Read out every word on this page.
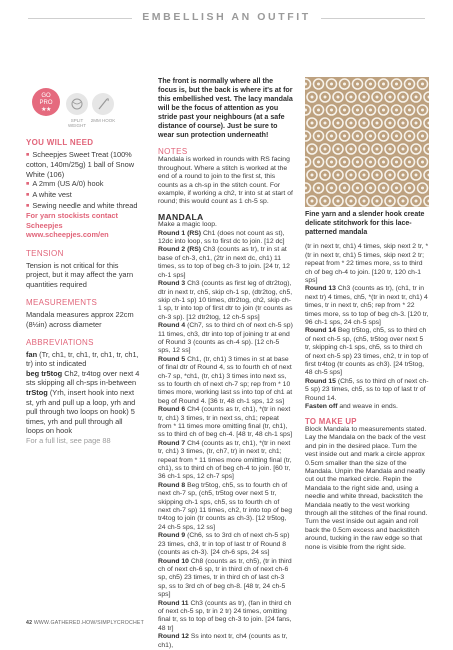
EMBELLISH AN OUTFIT
GO
PRO
★★
SPLIT WEIGHT
2MM HOOK
YOU WILL NEED
■ Scheepjes Sweet Treat (100% cotton, 140m/25g) 1 ball of Snow White (106)
■ A 2mm (US A/0) hook
■ A white vest
■ Sewing needle and white thread
For yarn stockists contact Scheepjes www.scheepjes.com/en
TENSION
Tension is not critical for this project, but it may affect the yarn quantities required
MEASUREMENTS
Mandala measures approx 22cm (8½in) across diameter
ABBREVIATIONS
fan (Tr, ch1, tr, ch1, tr, ch1, tr, ch1, tr) into st indicated
beg tr5tog Ch2, tr4tog over next 4 sts skipping all ch-sps in-between
trStog (Yrh, insert hook into next st, yrh and pull up a loop, yrh and pull through two loops on hook) 5 times, yrh and pull through all loops on hook
For a full list, see page 88

The front is normally where all the focus is, but the back is where it's at for this embellished vest. The lacy mandala will be the focus of attention as you stride past your neighbours (at a safe distance of course). Just be sure to wear sun protection underneath!

NOTES

Mandala is worked in rounds with RS facing throughout. Where a stitch is worked at the end of a round to join to the first st, this counts as a ch-sp in the stitch count. For example, if working a ch2, tr into st at start of round; this would count as 1 ch-5 sp.

MANDALA

Make a magic loop.

Round 1 (RS) Ch1 (does not count as st), 12dc into loop, ss to first dc to join. [12 dc]

Round 2 (RS) Ch3 (counts as tr), tr in st at base of ch-3, ch1, (2tr in next dc, ch1) 11 times, ss to top of beg ch-3 to join. [24 tr, 12 ch-1 sps]

Round 3 Ch3 (counts as first leg of dtr2tog), dtr in next tr, ch5, skip ch-1 sp, (dtr2tog, ch5, skip ch-1 sp) 10 times, dtr2tog, ch2, skip ch-1 sp, tr into top of first dtr to join (tr counts as ch-3 sp). [12 dtr2tog, 12 ch-5 sps]

Round 4 (Ch7, ss to third ch of next ch-5 sp) 11 times, ch3, dtr into top of joining tr at end of Round 3 (counts as ch-4 sp). [12 ch-5 sps, 12 ss]

Round 5 Ch1, (tr, ch1) 3 times in st at base of final dtr of Round 4, ss to fourth ch of next ch-7 sp, *ch1, (tr, ch1) 3 times into next ss, ss to fourth ch of next ch-7 sp; rep from * 10 times more, working last ss into top of ch1 at beg of Round 4. [36 tr, 48 ch-1 sps, 12 ss]

Round 6 Ch4 (counts as tr, ch1), *(tr in next tr, ch1) 3 times, tr in next ss, ch1; repeat from * 11 times more omitting final (tr, ch1), ss to third ch of beg ch-4. [48 tr, 48 ch-1 sps]

Round 7 Ch4 (counts as tr, ch1), *(tr in next tr, ch1) 3 times, (tr, ch7, tr) in next tr, ch1; repeat from * 11 times more omitting final (tr, ch1), ss to third ch of beg ch-4 to join. [60 tr, 36 ch-1 sps, 12 ch-7 sps]

Round 8 Beg tr5tog, ch5, ss to fourth ch of next ch-7 sp, (ch5, tr5tog over next 5 tr, skipping ch-1 sps, ch5, ss to fourth ch of next ch-7 sp) 11 times, ch2, tr into top of beg tr4tog to join (tr counts as ch-3). [12 tr5tog, 24 ch-5 sps, 12 ss]

Round 9 (Ch6, ss to 3rd ch of next ch-5 sp) 23 times, ch3, tr in top of last tr of Round 8 (counts as ch-3). [24 ch-6 sps, 24 ss]

Round 10 Ch8 (counts as tr, ch5), (tr in third ch of next ch-6 sp, tr in third ch of next ch-6 sp, ch5) 23 times, tr in third ch of last ch-3 sp, ss to 3rd ch of beg ch-8. [48 tr, 24 ch-5 sps]

Round 11 Ch3 (counts as tr), (fan in third ch of next ch-5 sp, tr in 2 tr) 24 times, omitting final tr, ss to top of beg ch-3 to join. [24 fans, 48 tr]

Round 12 Ss into next tr, ch4 (counts as tr, ch1),

Fine yarn and a slender hook create delicate stitchwork for this lace-patterned mandala

(tr in next tr, ch1) 4 times, skip next 2 tr, *(tr in next tr, ch1) 5 times, skip next 2 tr; repeat from * 22 times more, ss to third ch of beg ch-4 to join. [120 tr, 120 ch-1 sps]

Round 13 Ch3 (counts as tr), (ch1, tr in next tr) 4 times, ch5, *(tr in next tr, ch1) 4 times, tr in next tr, ch5; rep from * 22 times more, ss to top of beg ch-3. [120 tr, 96 ch-1 sps, 24 ch-5 sps]

Round 14 Beg tr5tog, ch5, ss to third ch of next ch-5 sp, (ch5, tr5tog over next 5 tr, skipping ch-1 sps, ch5, ss to third ch of next ch-5 sp) 23 times, ch2, tr in top of first tr4tog (tr counts as ch3). [24 tr5tog, 48 ch-5 sps]

Round 15 (Ch5, ss to third ch of next ch-5 sp) 23 times, ch5, ss to top of last tr of Round 14.

Fasten off and weave in ends.

TO MAKE UP

Block Mandala to measurements stated. Lay the Mandala on the back of the vest and pin in the desired place. Turn the vest inside out and mark a circle approx 0.5cm smaller than the size of the Mandala. Unpin the Mandala and neatly cut out the marked circle. Repin the Mandala to the right side and, using a needle and white thread, backstitch the Mandala neatly to the vest working through all the stitches of the final round. Turn the vest inside out again and roll back the 0.5cm excess and backstitch around, tucking in the raw edge so that none is visible from the right side.

42 WWW.GATHERED.HOW/SIMPLYCROCHET
